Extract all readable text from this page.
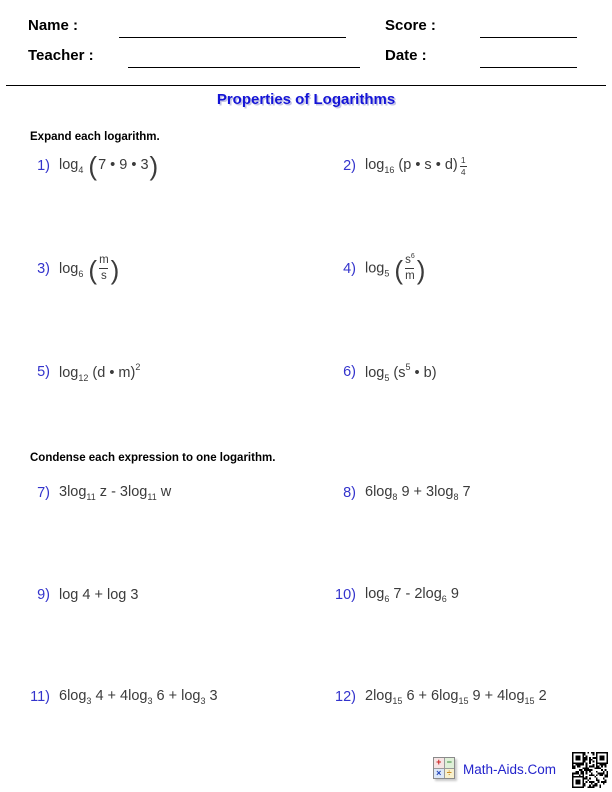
Name :	Score :
Teacher :	Date :
Properties of Logarithms
Expand each logarithm.
1) $\log_4 (7$ • 9 • 3)	2) $\log_{16} (p$ • s • $d) \frac{1}{4}$
3) $\log_6$ ( $\frac{m}{s}$ )	4) $\log_5$ ( $\frac{s^6}{m}$ )
5) $\log_{12} (d$ • m)$^2$	6) $\log_5 (s^5$ • b)
Condense each expression to one logarithm.
7) $3\log_{11}$ z - $3\log_{11}$ w	8) $6\log_8$ $9 + 3\log_8$ 7
9) log 4 + log 3	10) $\log_6 7 - 2\log_6$ 9
11) $6\log_3$ $4 + 4\log_3$ $6 + \log_3 3$	12) $2\log_{15}$ $6 + 6\log_{15}$ $9 + 4\log_{15}$ 2
+ −
× ÷ Math-Aids.Com
